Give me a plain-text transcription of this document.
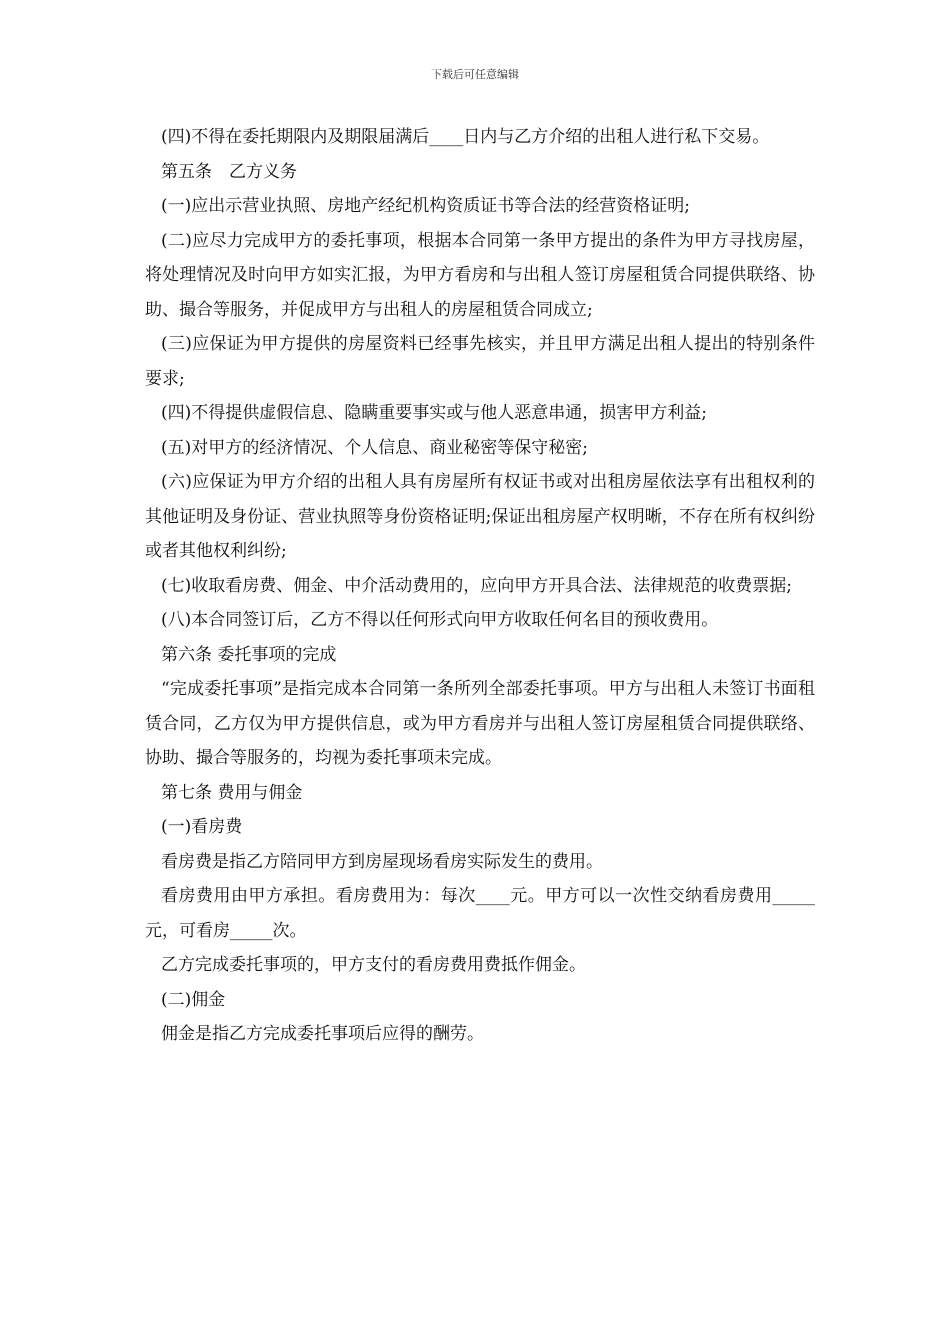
下载后可任意编辑

(四)不得在委托期限内及期限届满后____日内与乙方介绍的出租人进行私下交易。

第五条　乙方义务

(一)应出示营业执照、房地产经纪机构资质证书等合法的经营资格证明;

(二)应尽力完成甲方的委托事项，根据本合同第一条甲方提出的条件为甲方寻找房屋，将处理情况及时向甲方如实汇报，为甲方看房和与出租人签订房屋租赁合同提供联络、协助、撮合等服务，并促成甲方与出租人的房屋租赁合同成立;

(三)应保证为甲方提供的房屋资料已经事先核实，并且甲方满足出租人提出的特别条件要求;

(四)不得提供虚假信息、隐瞒重要事实或与他人恶意串通，损害甲方利益;

(五)对甲方的经济情况、个人信息、商业秘密等保守秘密;

(六)应保证为甲方介绍的出租人具有房屋所有权证书或对出租房屋依法享有出租权利的其他证明及身份证、营业执照等身份资格证明;保证出租房屋产权明晰，不存在所有权纠纷或者其他权利纠纷;

(七)收取看房费、佣金、中介活动费用的，应向甲方开具合法、法律规范的收费票据;

(八)本合同签订后，乙方不得以任何形式向甲方收取任何名目的预收费用。

第六条 委托事项的完成

“完成委托事项”是指完成本合同第一条所列全部委托事项。甲方与出租人未签订书面租赁合同，乙方仅为甲方提供信息，或为甲方看房并与出租人签订房屋租赁合同提供联络、协助、撮合等服务的，均视为委托事项未完成。

第七条 费用与佣金

(一)看房费

看房费是指乙方陪同甲方到房屋现场看房实际发生的费用。

看房费用由甲方承担。看房费用为：每次____元。甲方可以一次性交纳看房费用_____元，可看房_____次。

乙方完成委托事项的，甲方支付的看房费用费抵作佣金。

(二)佣金

佣金是指乙方完成委托事项后应得的酬劳。
